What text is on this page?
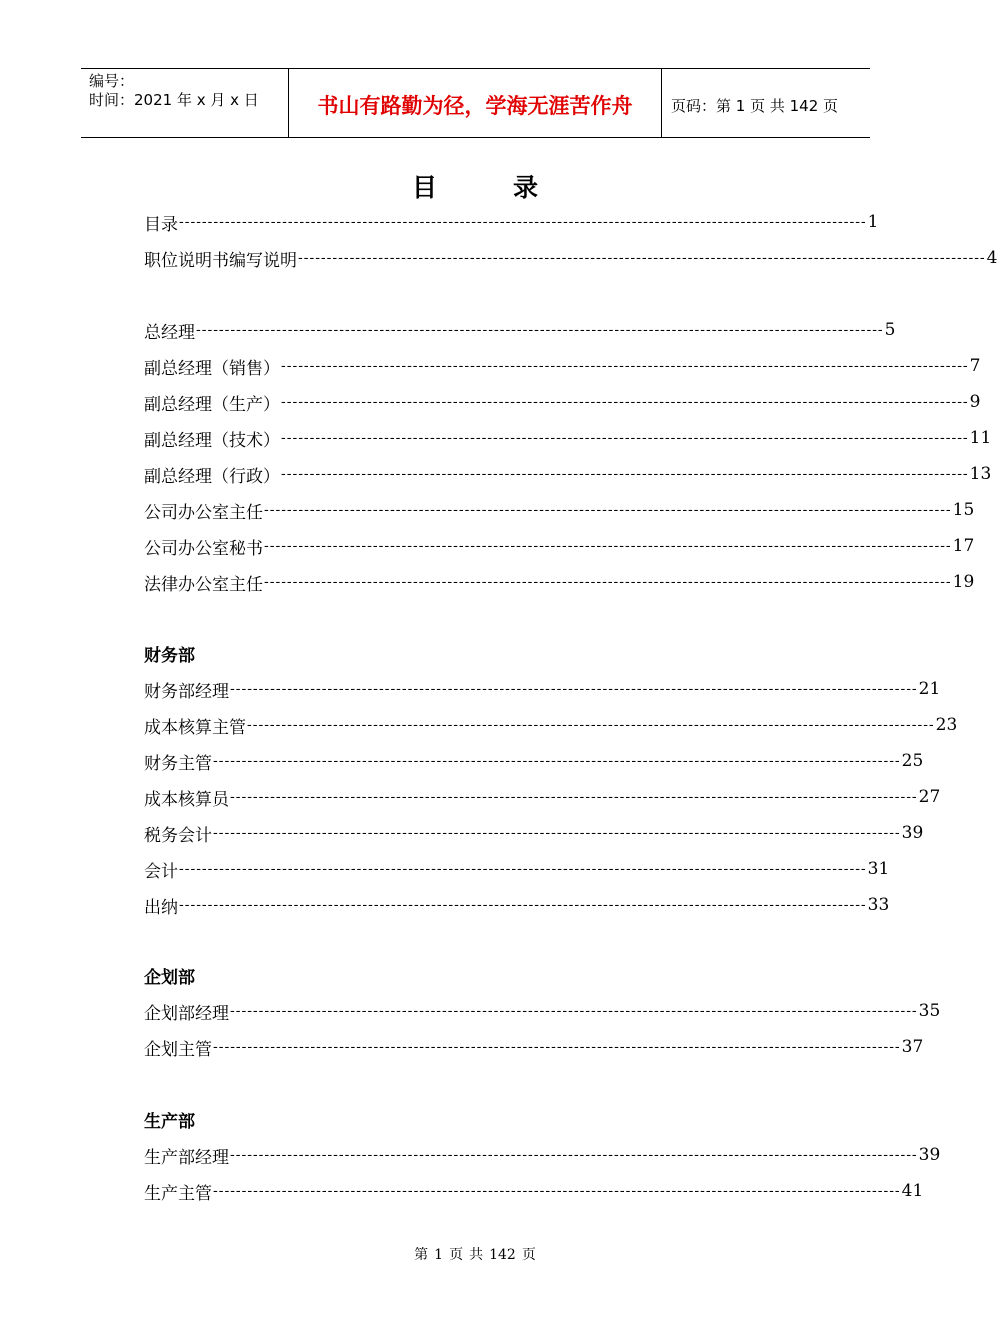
编号：
时间：2021 年 x 月 x 日	书山有路勤为径，学海无涯苦作舟	页码：第 1 页 共 142 页
目	录
目录 ------------------------------------------------------------------------------------------------------------------------ 1
职位说明书编写说明 ------------------------------------------------------------------------------------------------------------------------ 4
总经理 ------------------------------------------------------------------------------------------------------------------------ 5
副总经理（销售） ------------------------------------------------------------------------------------------------------------------------ 7
副总经理（生产） ------------------------------------------------------------------------------------------------------------------------ 9
副总经理（技术） ------------------------------------------------------------------------------------------------------------------------ 11
副总经理（行政） ------------------------------------------------------------------------------------------------------------------------ 13
公司办公室主任 ------------------------------------------------------------------------------------------------------------------------ 15
公司办公室秘书 ------------------------------------------------------------------------------------------------------------------------ 17
法律办公室主任 ------------------------------------------------------------------------------------------------------------------------ 19
财务部
财务部经理 ------------------------------------------------------------------------------------------------------------------------ 21
成本核算主管 ------------------------------------------------------------------------------------------------------------------------ 23
财务主管 ------------------------------------------------------------------------------------------------------------------------ 25
成本核算员 ------------------------------------------------------------------------------------------------------------------------ 27
税务会计 ------------------------------------------------------------------------------------------------------------------------ 39
会计 ------------------------------------------------------------------------------------------------------------------------ 31
出纳 ------------------------------------------------------------------------------------------------------------------------ 33
企划部
企划部经理 ------------------------------------------------------------------------------------------------------------------------ 35
企划主管 ------------------------------------------------------------------------------------------------------------------------ 37
生产部
生产部经理 ------------------------------------------------------------------------------------------------------------------------ 39
生产主管 ------------------------------------------------------------------------------------------------------------------------ 41
第 1 页 共 142 页
